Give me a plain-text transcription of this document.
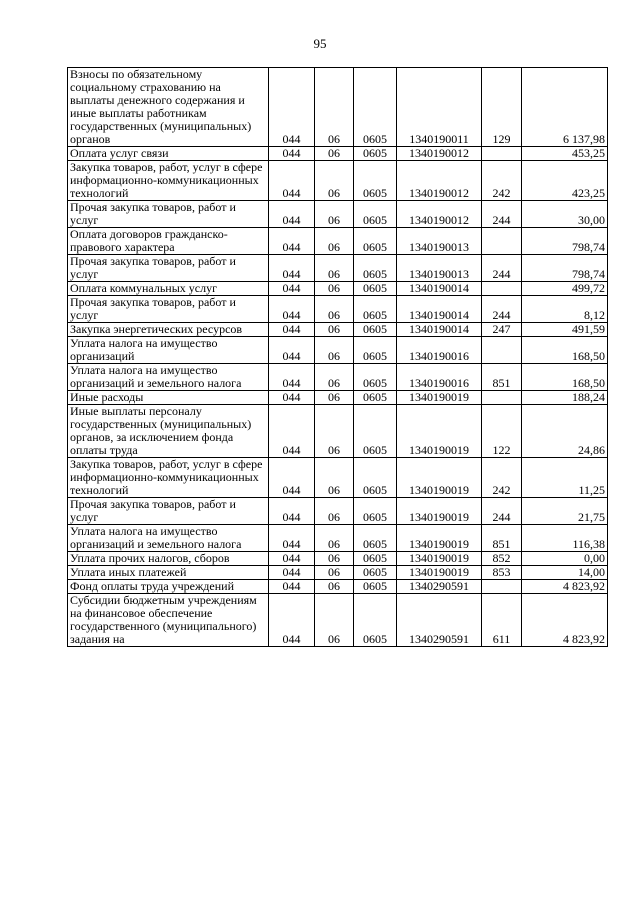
95
Взносы по обязательному социальному страхованию на выплаты денежного содержания и иные выплаты работникам государственных (муниципальных) органов	044	06	0605	1340190011	129	6 137,98
Оплата услуг связи	044	06	0605	1340190012		453,25
Закупка товаров, работ, услуг в сфере информационно-коммуникационных технологий	044	06	0605	1340190012	242	423,25
Прочая закупка товаров, работ и услуг	044	06	0605	1340190012	244	30,00
Оплата договоров гражданско-правового характера	044	06	0605	1340190013		798,74
Прочая закупка товаров, работ и услуг	044	06	0605	1340190013	244	798,74
Оплата коммунальных услуг	044	06	0605	1340190014		499,72
Прочая закупка товаров, работ и услуг	044	06	0605	1340190014	244	8,12
Закупка энергетических ресурсов	044	06	0605	1340190014	247	491,59
Уплата налога на имущество организаций	044	06	0605	1340190016		168,50
Уплата налога на имущество организаций и земельного налога	044	06	0605	1340190016	851	168,50
Иные расходы	044	06	0605	1340190019		188,24
Иные выплаты персоналу государственных (муниципальных) органов, за исключением фонда оплаты труда	044	06	0605	1340190019	122	24,86
Закупка товаров, работ, услуг в сфере информационно-коммуникационных технологий	044	06	0605	1340190019	242	11,25
Прочая закупка товаров, работ и услуг	044	06	0605	1340190019	244	21,75
Уплата налога на имущество организаций и земельного налога	044	06	0605	1340190019	851	116,38
Уплата прочих налогов, сборов	044	06	0605	1340190019	852	0,00
Уплата иных платежей	044	06	0605	1340190019	853	14,00
Фонд оплаты труда учреждений	044	06	0605	1340290591		4 823,92
Субсидии бюджетным учреждениям на финансовое обеспечение государственного (муниципального) задания на	044	06	0605	1340290591	611	4 823,92
